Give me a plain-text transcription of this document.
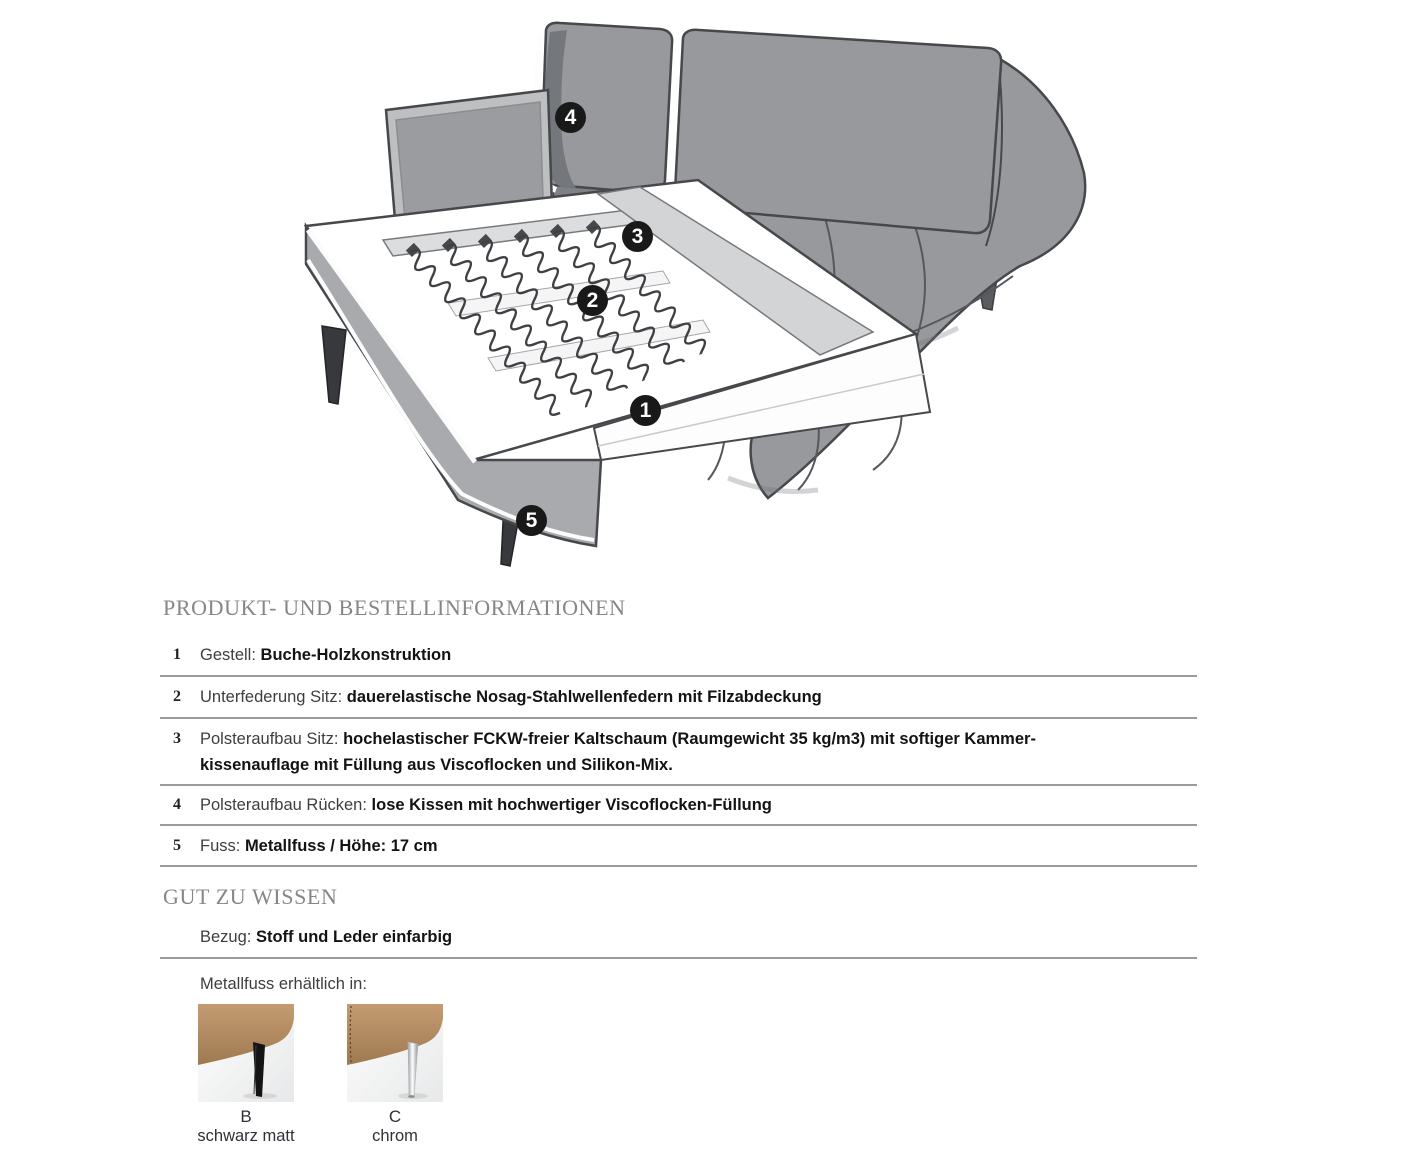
1
2
3
4
5
PRODUKT- UND BESTELLINFORMATIONEN
1	Gestell: Buche-Holzkonstruktion
2	Unterfederung Sitz: dauerelastische Nosag-Stahlwellenfedern mit Filzabdeckung
3	Polsteraufbau Sitz: hochelastischer FCKW-freier Kaltschaum (Raumgewicht 35 kg/m3) mit softiger Kammer-
kissenauflage mit Füllung aus Viscoflocken und Silikon-Mix.
4	Polsteraufbau Rücken: lose Kissen mit hochwertiger Viscoflocken-Füllung
5	Fuss: Metallfuss / Höhe: 17 cm
GUT ZU WISSEN
Bezug: Stoff und Leder einfarbig
Metallfuss erhältlich in:
B
schwarz matt
C
chrom
